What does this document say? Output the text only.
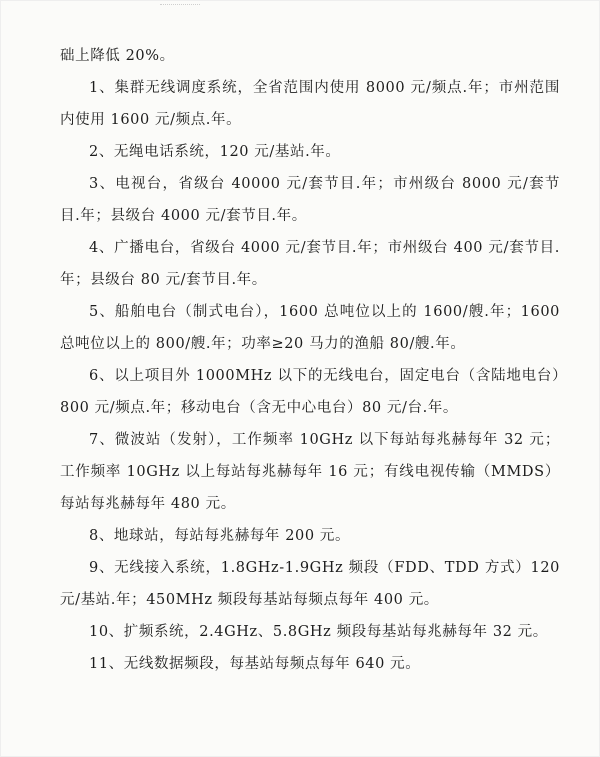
础上降低 20%。

1、集群无线调度系统，全省范围内使用 8000 元/频点.年；市州范围内使用 1600 元/频点.年。

2、无绳电话系统，120 元/基站.年。

3、电视台，省级台 40000 元/套节目.年；市州级台 8000 元/套节目.年；县级台 4000 元/套节目.年。

4、广播电台，省级台 4000 元/套节目.年；市州级台 400 元/套节目.年；县级台 80 元/套节目.年。

5、船舶电台（制式电台），1600 总吨位以上的 1600/艘.年；1600 总吨位以上的 800/艘.年；功率≥20 马力的渔船 80/艘.年。

6、以上项目外 1000MHz 以下的无线电台，固定电台（含陆地电台）800 元/频点.年；移动电台（含无中心电台）80 元/台.年。

7、微波站（发射），工作频率 10GHz 以下每站每兆赫每年 32 元；工作频率 10GHz 以上每站每兆赫每年 16 元；有线电视传输（MMDS）每站每兆赫每年 480 元。

8、地球站，每站每兆赫每年 200 元。

9、无线接入系统，1.8GHz-1.9GHz 频段（FDD、TDD 方式）120 元/基站.年；450MHz 频段每基站每频点每年 400 元。

10、扩频系统，2.4GHz、5.8GHz 频段每基站每兆赫每年 32 元。

11、无线数据频段，每基站每频点每年 640 元。
